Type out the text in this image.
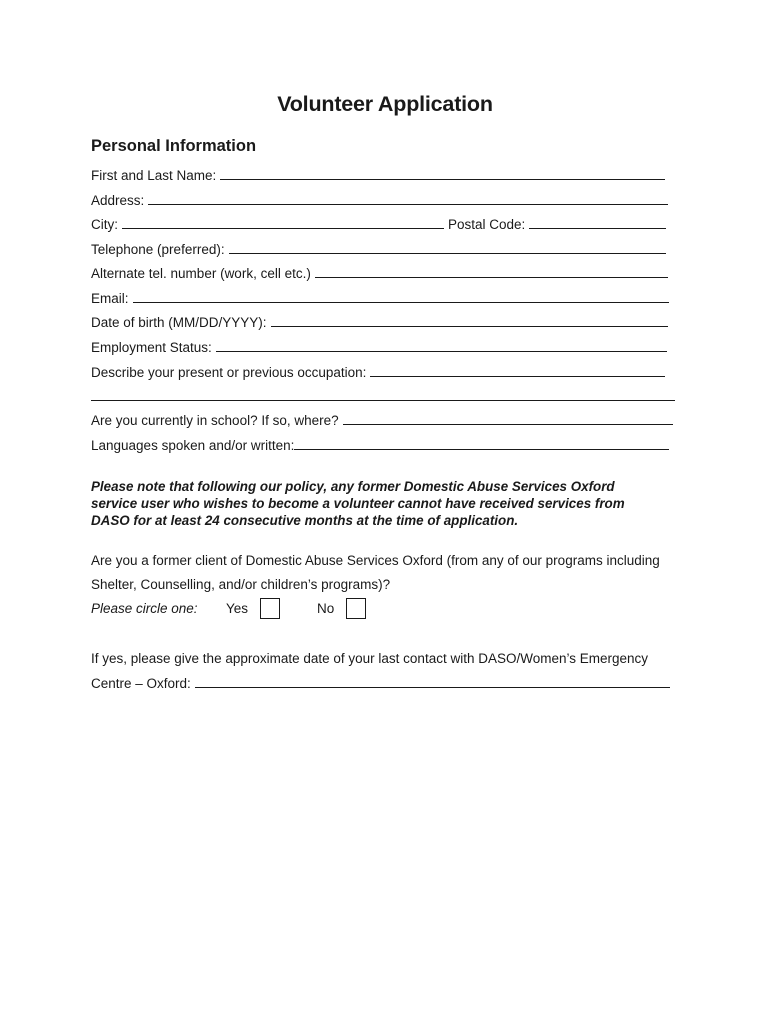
Volunteer Application
Personal Information
First and Last Name:
Address:
City:	Postal Code:
Telephone (preferred):
Alternate tel. number (work, cell etc.)
Email:
Date of birth (MM/DD/YYYY):
Employment Status:
Describe your present or previous occupation:
Are you currently in school? If so, where?
Languages spoken and/or written:

Please note that following our policy, any former Domestic Abuse Services Oxford
service user who wishes to become a volunteer cannot have received services from
DASO for at least 24 consecutive months at the time of application.

Are you a former client of Domestic Abuse Services Oxford (from any of our programs including
Shelter, Counselling, and/or children’s programs)?
Please circle one: Yes	No
If yes, please give the approximate date of your last contact with DASO/Women’s Emergency
Centre – Oxford:
